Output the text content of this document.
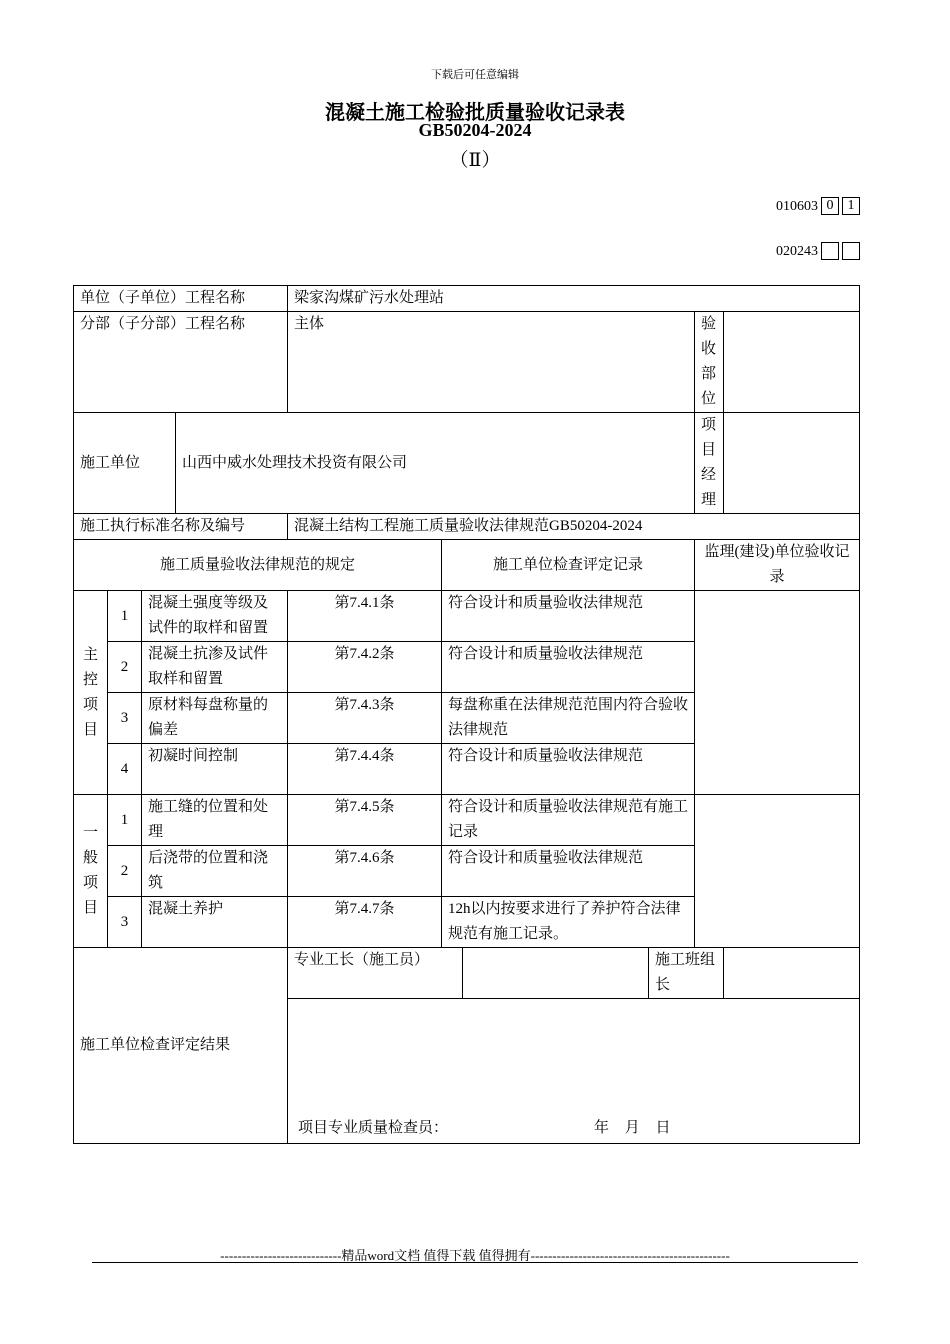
下载后可任意编辑
混凝土施工检验批质量验收记录表
GB50204-2024
（Ⅱ）
010603 0	1
020243
单位（子单位）工程名称				梁家沟煤矿污水处理站					
分部（子分部）工程名称				主体				验收部位	
施工单位			山西中威水处理技术投资有限公司					项目经理	
施工执行标准名称及编号				混凝土结构工程施工质量验收法律规范GB50204-2024					
施工质量验收法律规范的规定					施工单位检查评定记录			监理(建设)单位验收记录	
主控项目	1	混凝土强度等级及试件的取样和留置		第7.4.1条	符合设计和质量验收法律规范				
	2	混凝土抗渗及试件取样和留置		第7.4.2条	符合设计和质量验收法律规范				
	3	原材料每盘称量的偏差		第7.4.3条	每盘称重在法律规范范围内符合验收法律规范				
	4	初凝时间控制		第7.4.4条	符合设计和质量验收法律规范				
一般项目	1	施工缝的位置和处理		第7.4.5条	符合设计和质量验收法律规范有施工记录				
	2	后浇带的位置和浇筑		第7.4.6条	符合设计和质量验收法律规范				
	3	混凝土养护		第7.4.7条	12h以内按要求进行了养护符合法律规范有施工记录。				
施工单位检查评定结果				专业工长（施工员）			施工班组长		

				项目专业质量检查员： 年 月 日					
----------------------------精品word文档 值得下载 值得拥有----------------------------------------------
